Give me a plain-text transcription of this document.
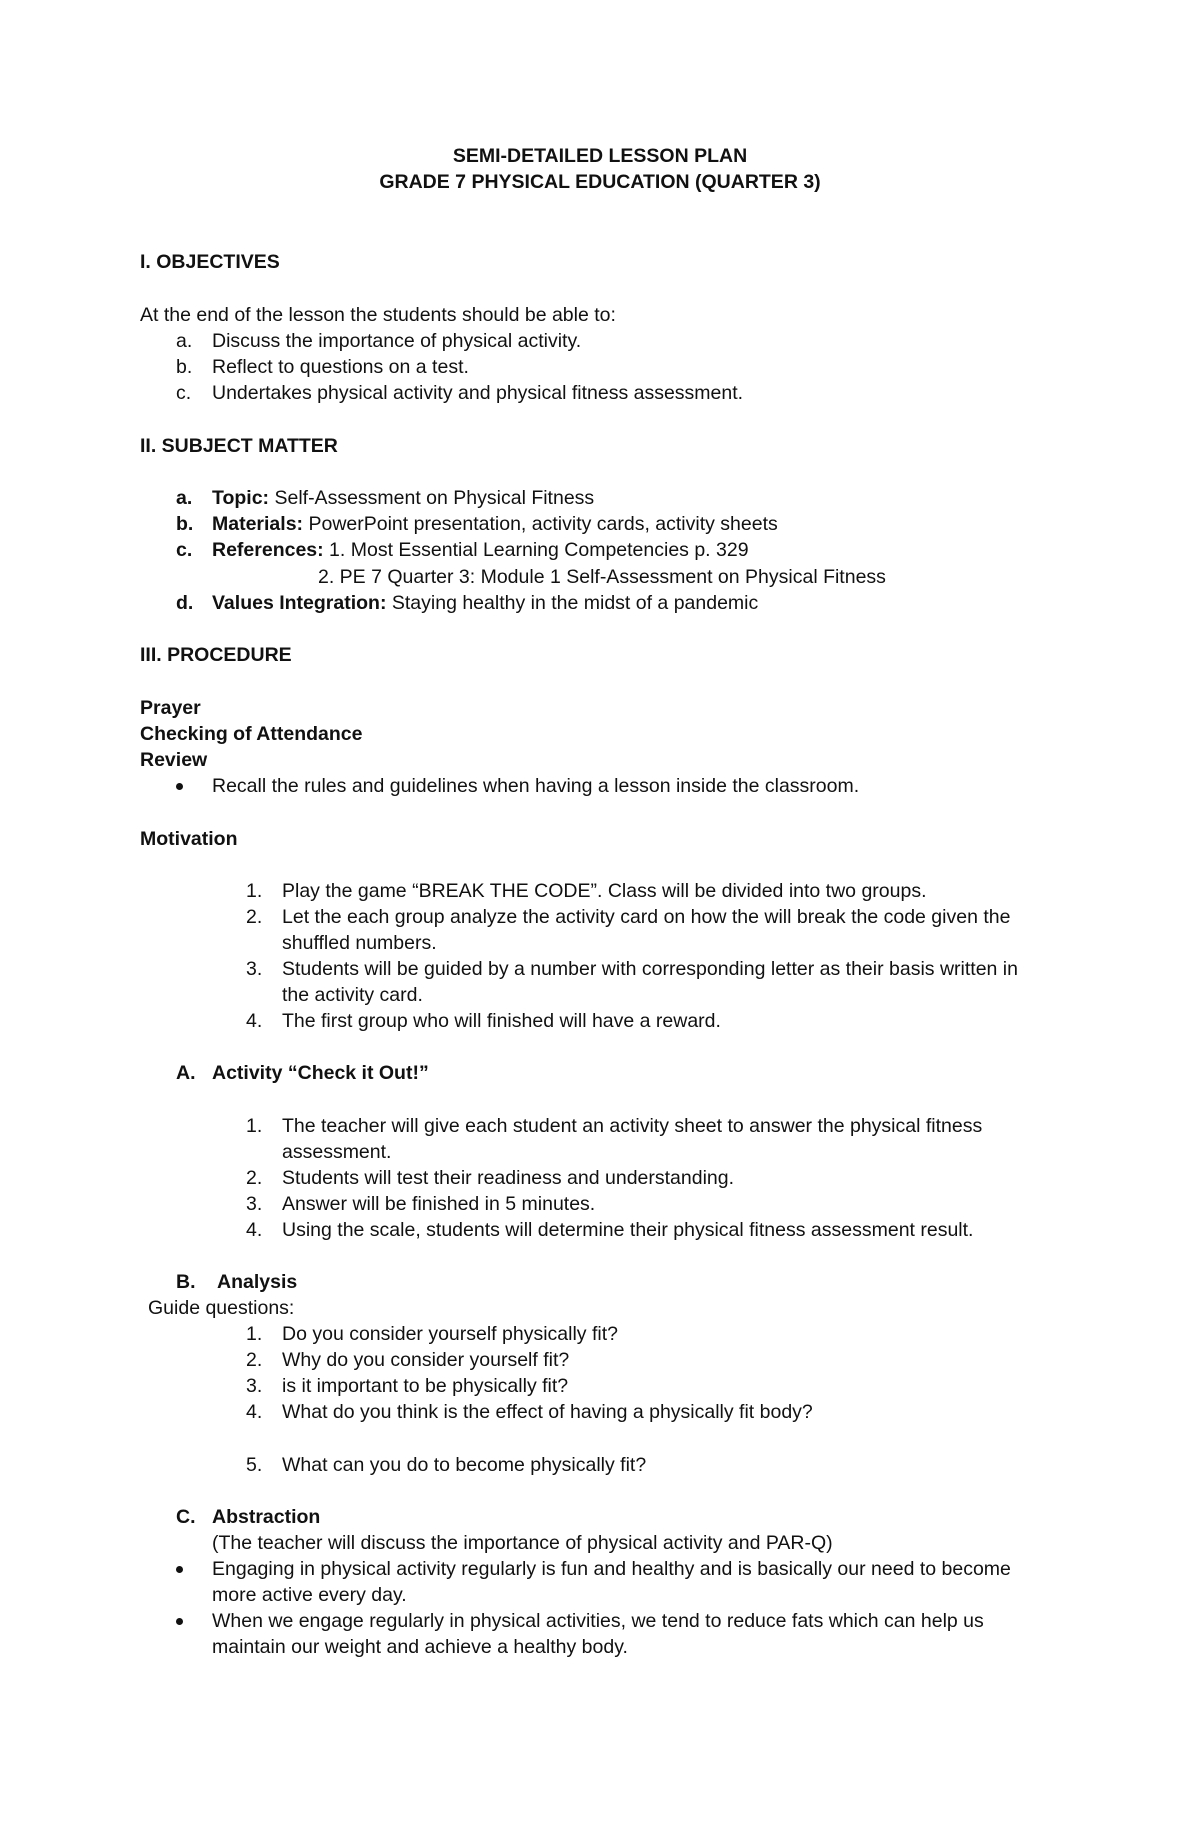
SEMI-DETAILED LESSON PLAN
GRADE 7 PHYSICAL EDUCATION (QUARTER 3)
I. OBJECTIVES
At the end of the lesson the students should be able to:
a. Discuss the importance of physical activity.
b. Reflect to questions on a test.
c. Undertakes physical activity and physical fitness assessment.
II. SUBJECT MATTER
a. Topic: Self-Assessment on Physical Fitness
b. Materials: PowerPoint presentation, activity cards, activity sheets
c. References: 1. Most Essential Learning Competencies p. 329
2. PE 7 Quarter 3: Module 1 Self-Assessment on Physical Fitness
d. Values Integration: Staying healthy in the midst of a pandemic
III. PROCEDURE
Prayer
Checking of Attendance
Review
Recall the rules and guidelines when having a lesson inside the classroom.
Motivation
1. Play the game “BREAK THE CODE”. Class will be divided into two groups.
2. Let the each group analyze the activity card on how the will break the code given the
shuffled numbers.
3. Students will be guided by a number with corresponding letter as their basis written in
the activity card.
4. The first group who will finished will have a reward.
A. Activity “Check it Out!”
1. The teacher will give each student an activity sheet to answer the physical fitness
assessment.
2. Students will test their readiness and understanding.
3. Answer will be finished in 5 minutes.
4. Using the scale, students will determine their physical fitness assessment result.
B. Analysis
Guide questions:
1. Do you consider yourself physically fit?
2. Why do you consider yourself fit?
3. is it important to be physically fit?
4. What do you think is the effect of having a physically fit body?
5. What can you do to become physically fit?
C. Abstraction
(The teacher will discuss the importance of physical activity and PAR-Q)
Engaging in physical activity regularly is fun and healthy and is basically our need to become
more active every day.
When we engage regularly in physical activities, we tend to reduce fats which can help us
maintain our weight and achieve a healthy body.
